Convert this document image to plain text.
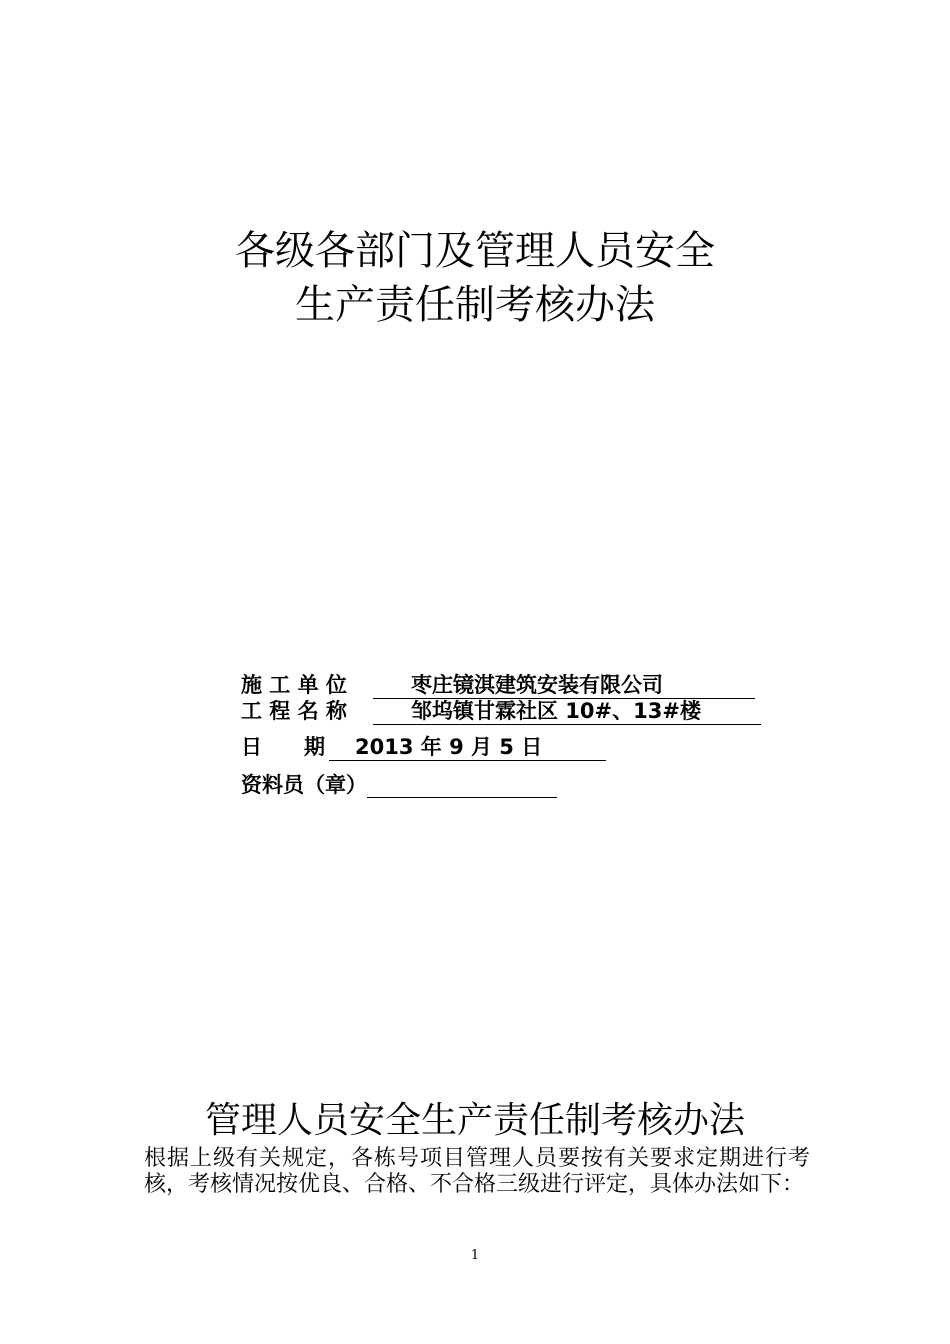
各级各部门及管理人员安全
生产责任制考核办法
施 工 单 位	枣庄镜淇建筑安装有限公司
工 程 名 称	邹坞镇甘霖社区 10#、13#楼
日　　期 2013 年 9 月 5 日
资料员（章）
管理人员安全生产责任制考核办法
根据上级有关规定，各栋号项目管理人员要按有关要求定期进行考核，考核情况按优良、合格、不合格三级进行评定，具体办法如下：
1
